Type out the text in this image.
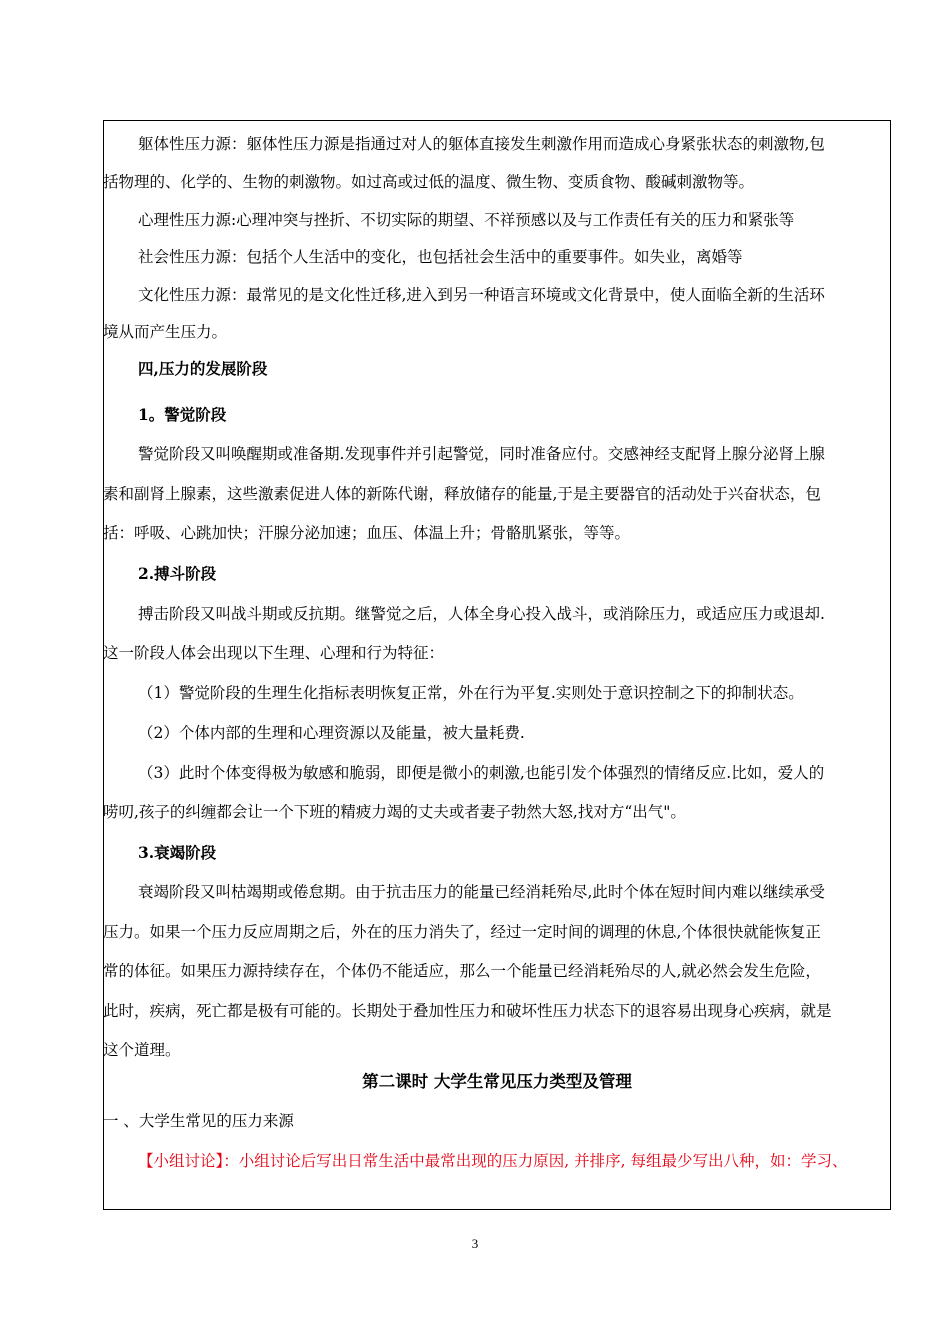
躯体性压力源：躯体性压力源是指通过对人的躯体直接发生刺激作用而造成心身紧张状态的刺激物,包
括物理的、化学的、生物的刺激物。如过高或过低的温度、微生物、变质食物、酸碱刺激物等。
心理性压力源:心理冲突与挫折、不切实际的期望、不祥预感以及与工作责任有关的压力和紧张等
社会性压力源：包括个人生活中的变化，也包括社会生活中的重要事件。如失业，离婚等
文化性压力源：最常见的是文化性迁移,进入到另一种语言环境或文化背景中，使人面临全新的生活环
境从而产生压力。
四,压力的发展阶段
1。警觉阶段
警觉阶段又叫唤醒期或准备期.发现事件并引起警觉，同时准备应付。交感神经支配肾上腺分泌肾上腺
素和副肾上腺素，这些激素促进人体的新陈代谢，释放储存的能量,于是主要器官的活动处于兴奋状态，包
括：呼吸、心跳加快；汗腺分泌加速；血压、体温上升；骨骼肌紧张，等等。
2.搏斗阶段
搏击阶段又叫战斗期或反抗期。继警觉之后，人体全身心投入战斗，或消除压力，或适应压力或退却.
这一阶段人体会出现以下生理、心理和行为特征：
（1）警觉阶段的生理生化指标表明恢复正常，外在行为平复.实则处于意识控制之下的抑制状态。
（2）个体内部的生理和心理资源以及能量，被大量耗费.
（3）此时个体变得极为敏感和脆弱，即便是微小的刺激,也能引发个体强烈的情绪反应.比如，爱人的
唠叨,孩子的纠缠都会让一个下班的精疲力竭的丈夫或者妻子勃然大怒,找对方“出气"。
3.衰竭阶段
衰竭阶段又叫枯竭期或倦怠期。由于抗击压力的能量已经消耗殆尽,此时个体在短时间内难以继续承受
压力。如果一个压力反应周期之后，外在的压力消失了，经过一定时间的调理的休息,个体很快就能恢复正
常的体征。如果压力源持续存在，个体仍不能适应，那么一个能量已经消耗殆尽的人,就必然会发生危险，
此时，疾病，死亡都是极有可能的。长期处于叠加性压力和破坏性压力状态下的退容易出现身心疾病，就是
这个道理。
第二课时 大学生常见压力类型及管理
一 、大学生常见的压力来源
【小组讨论】：小组讨论后写出日常生活中最常出现的压力原因, 并排序, 每组最少写出八种，如：学习、
3
